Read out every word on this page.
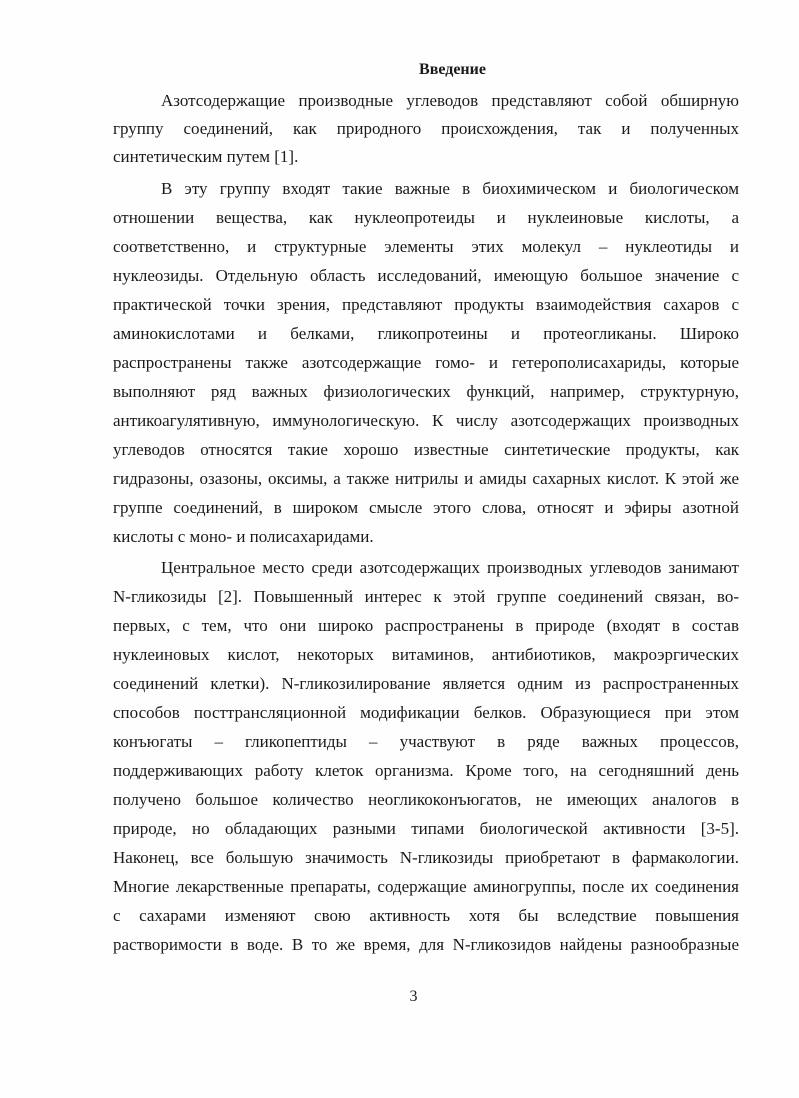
Введение
Азотсодержащие производные углеводов представляют собой обширную
группу соединений, как природного происхождения, так и полученных
синтетическим путем [1].
В эту группу входят такие важные в биохимическом и биологическом
отношении вещества, как нуклеопротеиды и нуклеиновые кислоты, а
соответственно, и структурные элементы этих молекул – нуклеотиды и
нуклеозиды. Отдельную область исследований, имеющую большое значение с
практической точки зрения, представляют продукты взаимодействия сахаров с
аминокислотами и белками, гликопротеины и протеогликаны. Широко
распространены также азотсодержащие гомо- и гетерополисахариды, которые
выполняют ряд важных физиологических функций, например, структурную,
антикоагулятивную, иммунологическую. К числу азотсодержащих производных
углеводов относятся такие хорошо известные синтетические продукты, как
гидразоны, озазоны, оксимы, а также нитрилы и амиды сахарных кислот. К этой же
группе соединений, в широком смысле этого слова, относят и эфиры азотной
кислоты с моно- и полисахаридами.
Центральное место среди азотсодержащих производных углеводов занимают
N-гликозиды [2]. Повышенный интерес к этой группе соединений связан, во-
первых, с тем, что они широко распространены в природе (входят в состав
нуклеиновых кислот, некоторых витаминов, антибиотиков, макроэргических
соединений клетки). N-гликозилирование является одним из распространенных
способов посттрансляционной модификации белков. Образующиеся при этом
конъюгаты – гликопептиды – участвуют в ряде важных процессов,
поддерживающих работу клеток организма. Кроме того, на сегодняшний день
получено большое количество неогликоконъюгатов, не имеющих аналогов в
природе, но обладающих разными типами биологической активности [3-5].
Наконец, все большую значимость N-гликозиды приобретают в фармакологии.
Многие лекарственные препараты, содержащие аминогруппы, после их соединения
с сахарами изменяют свою активность хотя бы вследствие повышения
растворимости в воде. В то же время, для N-гликозидов найдены разнообразные
3
